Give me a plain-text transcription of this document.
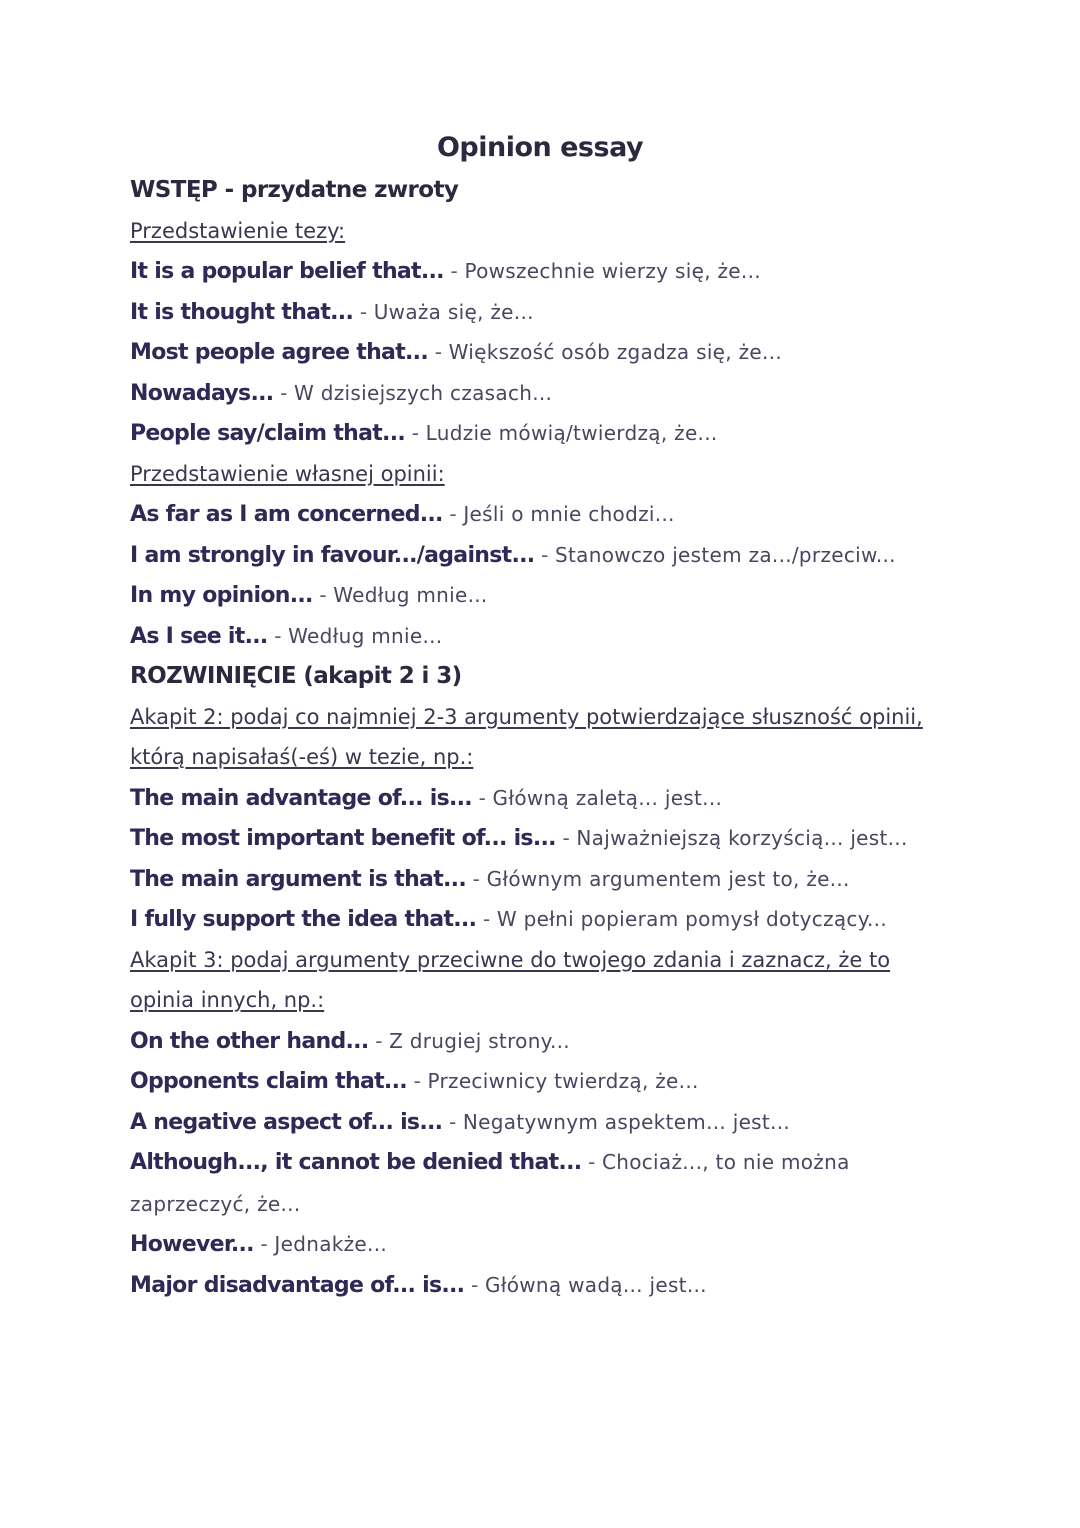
Opinion essay
WSTĘP - przydatne zwroty
Przedstawienie tezy:
It is a popular belief that... - Powszechnie wierzy się, że...
It is thought that... - Uważa się, że...
Most people agree that... - Większość osób zgadza się, że...
Nowadays... - W dzisiejszych czasach...
People say/claim that... - Ludzie mówią/twierdzą, że...
Przedstawienie własnej opinii:
As far as I am concerned... - Jeśli o mnie chodzi...
I am strongly in favour.../against... - Stanowczo jestem za.../przeciw...
In my opinion... - Według mnie...
As I see it... - Według mnie...
ROZWINIĘCIE (akapit 2 i 3)
Akapit 2: podaj co najmniej 2-3 argumenty potwierdzające słuszność opinii, którą napisałaś(-eś) w tezie, np.:
The main advantage of... is... - Główną zaletą... jest...
The most important benefit of... is... - Najważniejszą korzyścią... jest...
The main argument is that... - Głównym argumentem jest to, że...
I fully support the idea that... - W pełni popieram pomysł dotyczący...
Akapit 3: podaj argumenty przeciwne do twojego zdania i zaznacz, że to opinia innych, np.:
On the other hand... - Z drugiej strony...
Opponents claim that... - Przeciwnicy twierdzą, że...
A negative aspect of... is... - Negatywnym aspektem... jest...
Although..., it cannot be denied that... - Chociaż..., to nie można zaprzeczyć, że...
However... - Jednakże...
Major disadvantage of... is... - Główną wadą... jest...
